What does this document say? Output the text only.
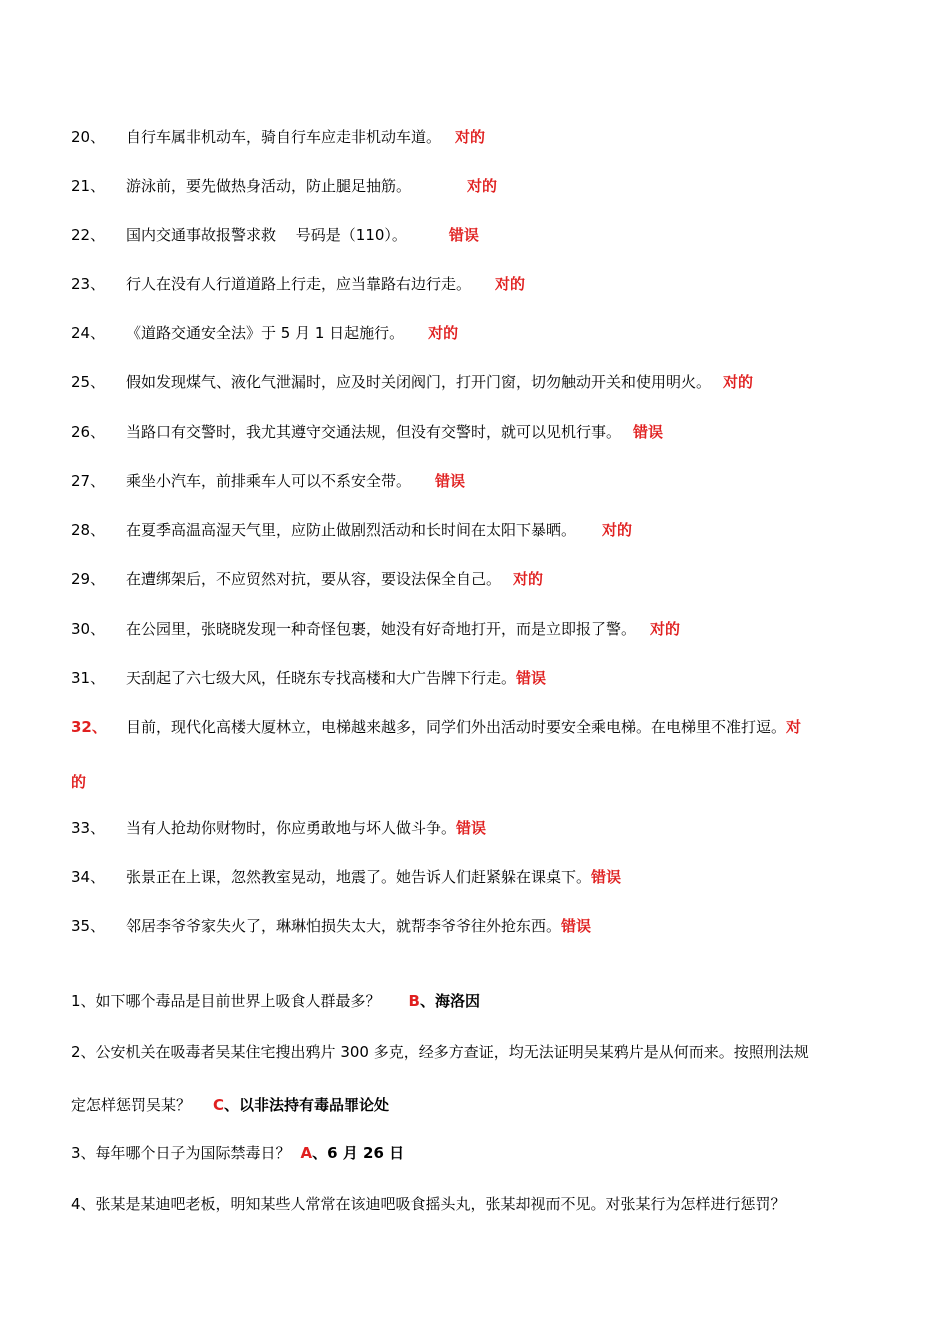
20、 自行车属非机动车，骑自行车应走非机动车道。 对的
21、 游泳前，要先做热身活动，防止腿足抽筋。	对的
22、 国内交通事故报警求救　 号码是（110）。	错误
23、 行人在没有人行道道路上行走，应当靠路右边行走。 对的
24、 《道路交通安全法》于 5 月 1 日起施行。 对的
25、 假如发现煤气、液化气泄漏时，应及时关闭阀门，打开门窗，切勿触动开关和使用明火。 对的
26、 当路口有交警时，我尤其遵守交通法规，但没有交警时，就可以见机行事。 错误
27、 乘坐小汽车，前排乘车人可以不系安全带。 错误
28、 在夏季高温高湿天气里，应防止做剧烈活动和长时间在太阳下暴晒。 对的
29、 在遭绑架后，不应贸然对抗，要从容，要设法保全自己。 对的
30、 在公园里，张晓晓发现一种奇怪包裹，她没有好奇地打开，而是立即报了警。 对的
31、 天刮起了六七级大风，任晓东专找高楼和大广告牌下行走。错误
32、 目前，现代化高楼大厦林立，电梯越来越多，同学们外出活动时要安全乘电梯。在电梯里不准打逗。对
的
33、 当有人抢劫你财物时，你应勇敢地与坏人做斗争。错误
34、 张景正在上课，忽然教室晃动，地震了。她告诉人们赶紧躲在课桌下。错误
35、 邻居李爷爷家失火了，琳琳怕损失太大，就帮李爷爷往外抢东西。错误
1、如下哪个毒品是目前世界上吸食人群最多？ B、海洛因
2、公安机关在吸毒者吴某住宅搜出鸦片 300 多克，经多方查证，均无法证明吴某鸦片是从何而来。按照刑法规
定怎样惩罚吴某？ C、以非法持有毒品罪论处
3、每年哪个日子为国际禁毒日？ A、6 月 26 日
4、张某是某迪吧老板，明知某些人常常在该迪吧吸食摇头丸，张某却视而不见。对张某行为怎样进行惩罚？
